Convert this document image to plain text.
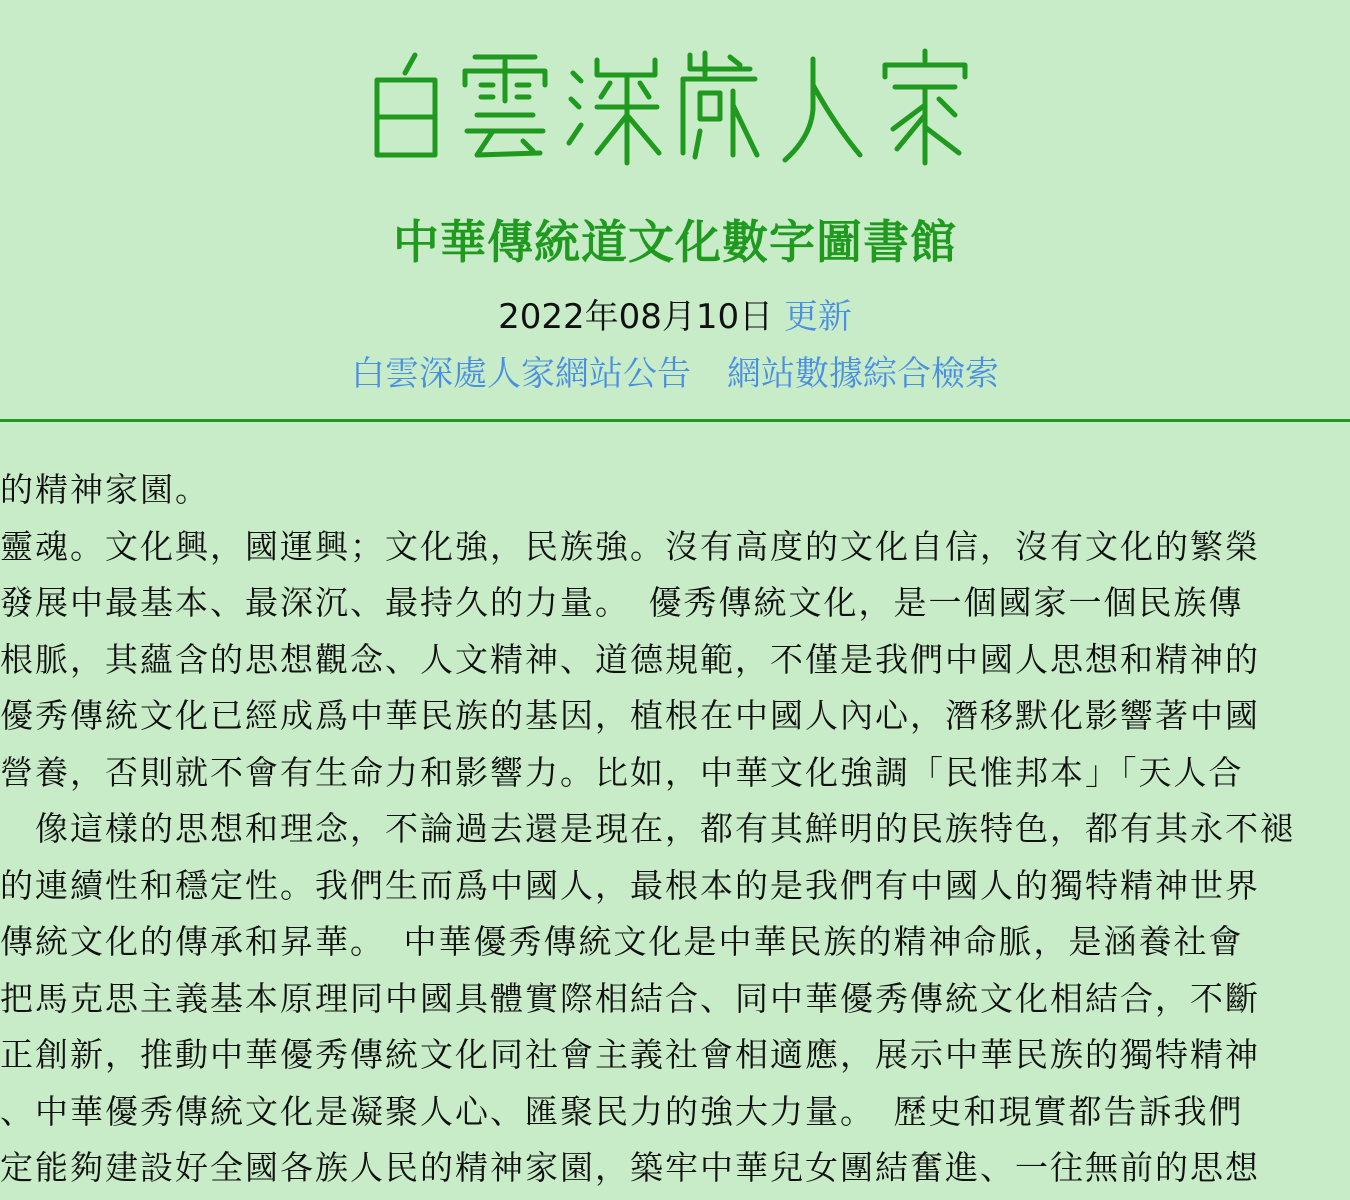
中華傳統道文化數字圖書館
2022年08月10日 更新
白雲深處人家網站公告 網站數據綜合檢索
的精神家園。
靈魂。文化興，國運興；文化強，民族強。沒有高度的文化自信，沒有文化的繁榮
發展中最基本、最深沉、最持久的力量。　優秀傳統文化，是一個國家一個民族傳
根脈，其蘊含的思想觀念、人文精神、道德規範，不僅是我們中國人思想和精神的
優秀傳統文化已經成爲中華民族的基因，植根在中國人內心，潛移默化影響著中國
營養，否則就不會有生命力和影響力。比如，中華文化強調「民惟邦本」「天人合
　像這樣的思想和理念，不論過去還是現在，都有其鮮明的民族特色，都有其永不褪
的連續性和穩定性。我們生而爲中國人，最根本的是我們有中國人的獨特精神世界
傳統文化的傳承和昇華。　中華優秀傳統文化是中華民族的精神命脈，是涵養社會
把馬克思主義基本原理同中國具體實際相結合、同中華優秀傳統文化相結合，不斷
正創新，推動中華優秀傳統文化同社會主義社會相適應，展示中華民族的獨特精神
、中華優秀傳統文化是凝聚人心、匯聚民力的強大力量。　歷史和現實都告訴我們
定能夠建設好全國各族人民的精神家園，築牢中華兒女團結奮進、一往無前的思想
